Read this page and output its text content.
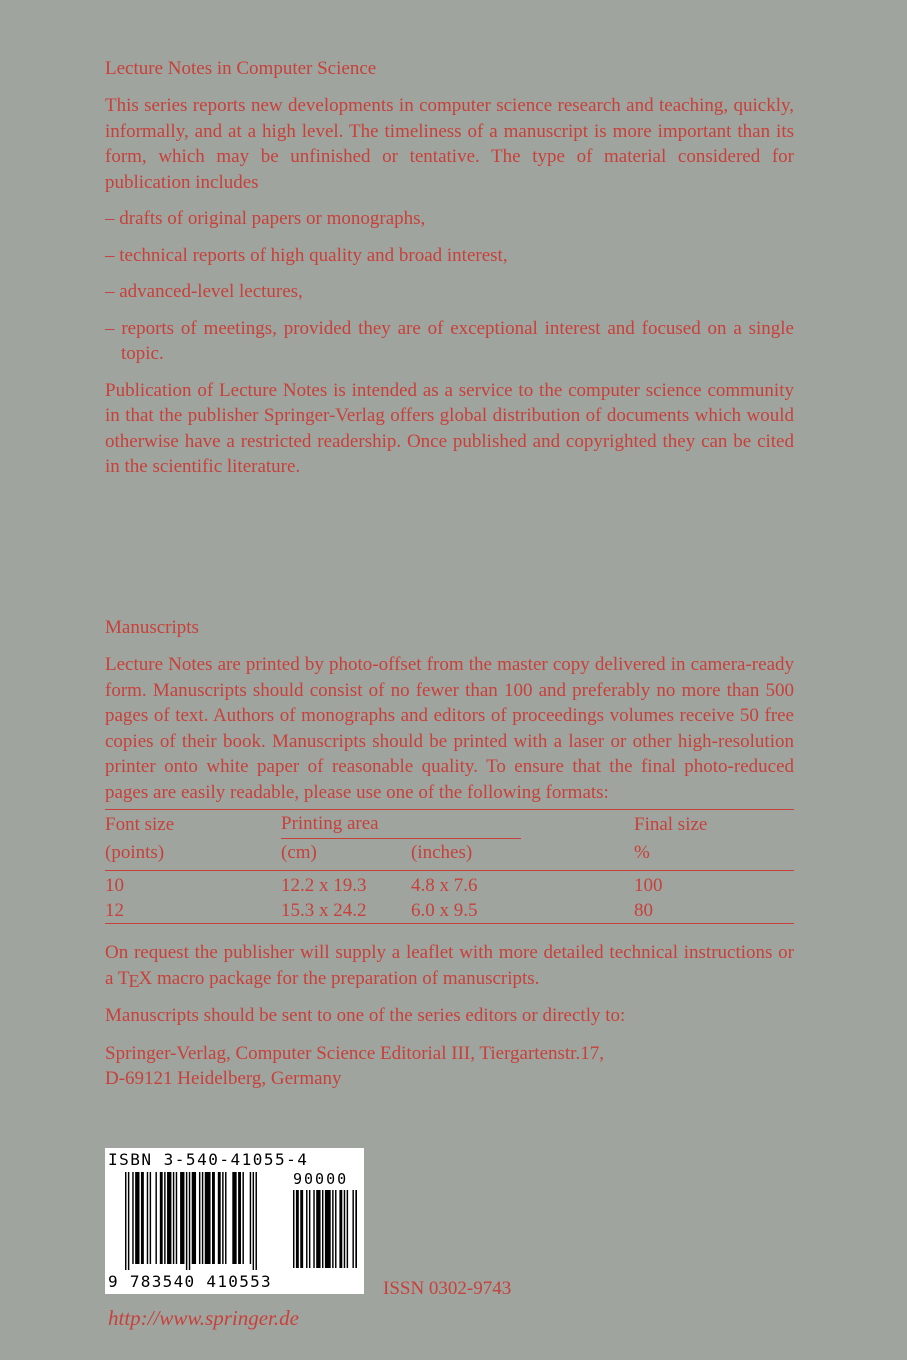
Lecture Notes in Computer Science

This series reports new developments in computer science research and teaching, quickly, informally, and at a high level. The timeliness of a manuscript is more important than its form, which may be unfinished or tentative. The type of material considered for publication includes

– drafts of original papers or monographs,

– technical reports of high quality and broad interest,

– advanced-level lectures,

– reports of meetings, provided they are of exceptional interest and focused on a single topic.

Publication of Lecture Notes is intended as a service to the computer science community in that the publisher Springer-Verlag offers global distribution of documents which would otherwise have a restricted readership. Once published and copyrighted they can be cited in the scientific literature.

Manuscripts

Lecture Notes are printed by photo-offset from the master copy delivered in camera-ready form. Manuscripts should consist of no fewer than 100 and preferably no more than 500 pages of text. Authors of monographs and editors of proceedings volumes receive 50 free copies of their book. Manuscripts should be printed with a laser or other high-resolution printer onto white paper of reasonable quality. To ensure that the final photo-reduced pages are easily readable, please use one of the following formats:

Font size	Printing area		Final size
(points)	(cm)	(inches)	%

10	12.2 x 19.3	4.8 x 7.6	100
12	15.3 x 24.2	6.0 x 9.5	80

On request the publisher will supply a leaflet with more detailed technical instructions or a TEX macro package for the preparation of manuscripts.

Manuscripts should be sent to one of the series editors or directly to:

Springer-Verlag, Computer Science Editorial III, Tiergartenstr.17,

D-69121 Heidelberg, Germany

ISBN 3-540-41055-4
90000
9 783540 410553	ISSN 0302-9743
http://www.springer.de
